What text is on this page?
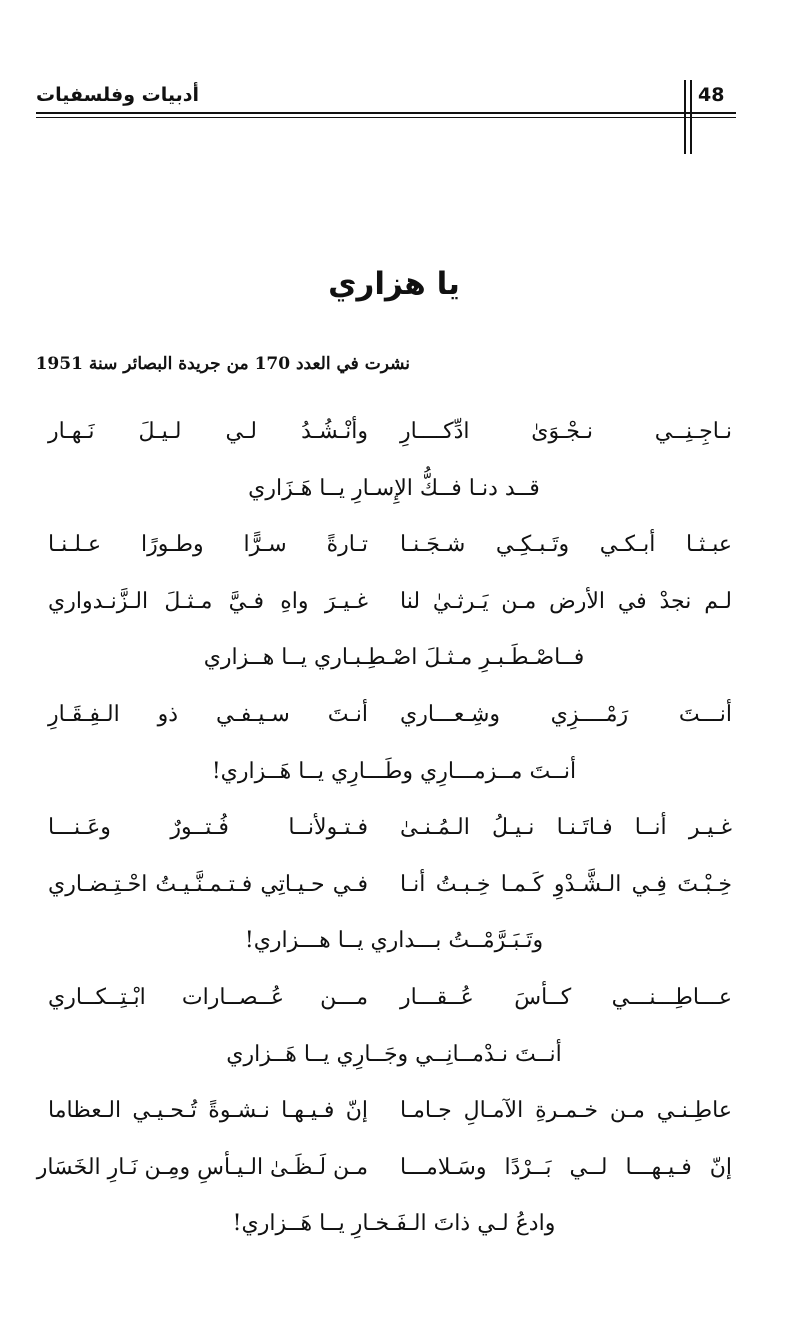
أدبيات وفلسفيات	48
يا هزاري
نشرت في العدد 170 من جريدة البصائر سنة 1951
نـاجِـنِــي نـجْـوَىٰ ادِّكــــارِ
وأنْـشُـدُ لـي لـيـلَ نَـهـار
قــد دنـا فــكُّ الإِسـارِ يــا هَـزَاري
عبـثـا أبـكـي وتَـبـكِـي شـجَـنـا
تـارةً سـرًّا وطـورًا عـلـنـا
لـم نجدْ في الأرض مـن يَـرثـيٰ لنا
غـيـرَ واهِ فـيَّ مـثـلَ الـزَّنـدواري
فــاصْـطَـبـرِ مـثـلَ اصْـطِـبـاري يــا هــزاري
أنـــتَ رَمْــــزِي وشِـعـــاري
أنـتَ سـيـفـي ذو الـفِـقَـارِ
أنــتَ مــزمـــارِي وطَـــارِي يــا هَــزاري!
غـيـر أنــا فـاتَـنـا نـيـلُ الـمُـنـىٰ
فـتـولأنــا فُـتــورٌ وعَـنـــا
خِـبْـتَ فِـي الـشَّـدْوِ كَـمـا خِـبـتُ أنـا
فـي حـيـاتِي فـتـمـنَّـيـتُ احْـتِـضـاري
وتَـبَـرَّمْــتُ بـــداري يــا هـــزاري!
عـــاطِـــنـــي كــأسَ عُــقـــار
مـــن عُــصــارات ابْـتِــكــاري
أنــتَ نـدْمــانِــي وجَــارِي يــا هَــزاري
عاطِـنـي مـن خـمـرةِ الآمـالِ جـامـا
إنّ فـيـهـا نـشـوةً تُـحـيـي الـعظاما
إنّ فـيـهـــا لــي بَــرْدًا وسَـلامـــا
مـن لَـظَـىٰ الـيـأسِ ومِـن نَـارِ الخَسَار
وادعُ لـي ذاتَ الـفَـخـارِ يــا هَــزاري!
